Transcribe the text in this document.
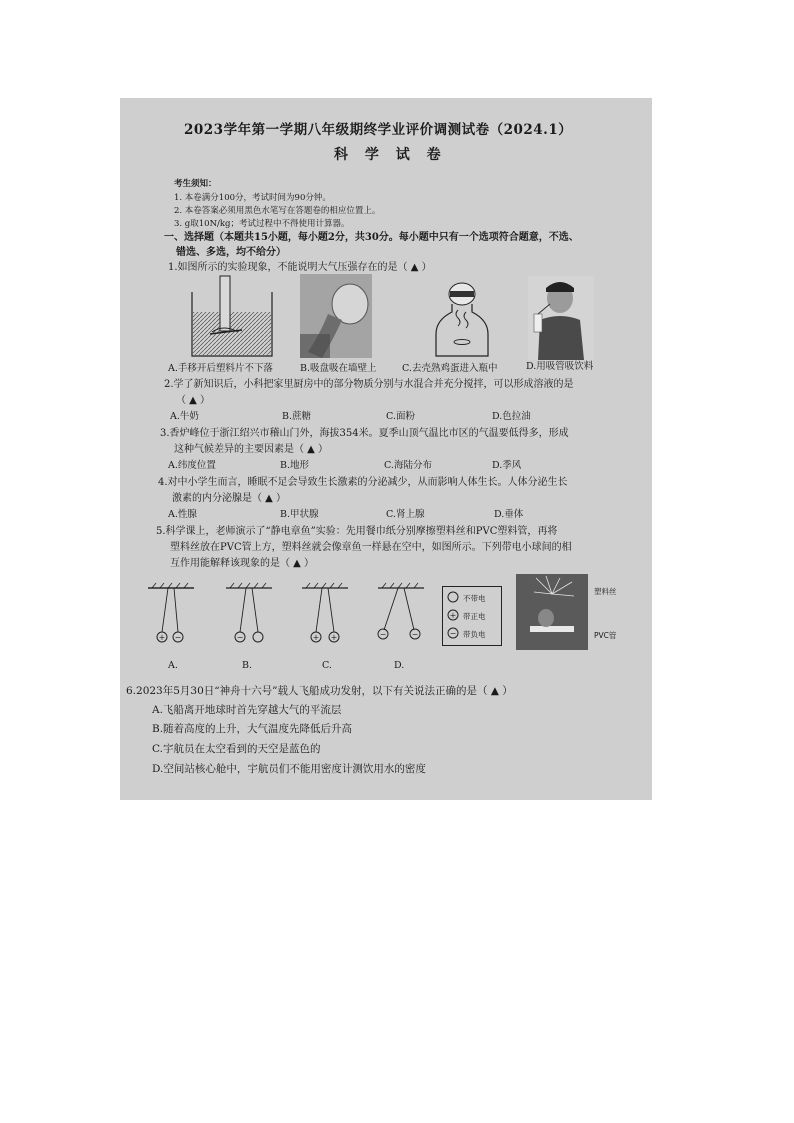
2023学年第一学期八年级期终学业评价调测试卷（2024.1）
科 学 试 卷
考生须知：
1. 本卷满分100分，考试时间为90分钟。
2. 本卷答案必须用黑色水笔写在答题卷的相应位置上。
3. g取10N/kg；考试过程中不得使用计算器。
一、选择题（本题共15小题，每小题2分，共30分。每小题中只有一个选项符合题意，不选、
错选、多选，均不给分）
1.如图所示的实验现象，不能说明大气压强存在的是（ ▲ ）
A.手移开后塑料片不下落	B.吸盘吸在墙壁上	C.去壳熟鸡蛋进入瓶中	D.用吸管吸饮料
2.学了新知识后，小科把家里厨房中的部分物质分别与水混合并充分搅拌，可以形成溶液的是
（ ▲ ）
A.牛奶	B.蔗糖	C.面粉	D.色拉油
3.香炉峰位于浙江绍兴市稽山门外，海拔354米。夏季山顶气温比市区的气温要低得多，形成
这种气候差异的主要因素是（ ▲ ）
A.纬度位置	B.地形	C.海陆分布	D.季风
4.对中小学生而言，睡眠不足会导致生长激素的分泌减少，从而影响人体生长。人体分泌生长
激素的内分泌腺是（ ▲ ）
A.性腺	B.甲状腺	C.肾上腺	D.垂体
5.科学课上，老师演示了“静电章鱼”实验：先用餐巾纸分别摩擦塑料丝和PVC塑料管，再将
塑料丝放在PVC管上方，塑料丝就会像章鱼一样悬在空中，如图所示。下列带电小球间的相
互作用能解释该现象的是（ ▲ ）
+ −	−	+ +	−	−
A.	B.	C.	D.
+
−
不带电
带正电
带负电
塑料丝
PVC管
6.2023年5月30日“神舟十六号”载人飞船成功发射，以下有关说法正确的是（ ▲ ）
A.飞船离开地球时首先穿越大气的平流层
B.随着高度的上升，大气温度先降低后升高
C.宇航员在太空看到的天空是蓝色的
D.空间站核心舱中，宇航员们不能用密度计测饮用水的密度
